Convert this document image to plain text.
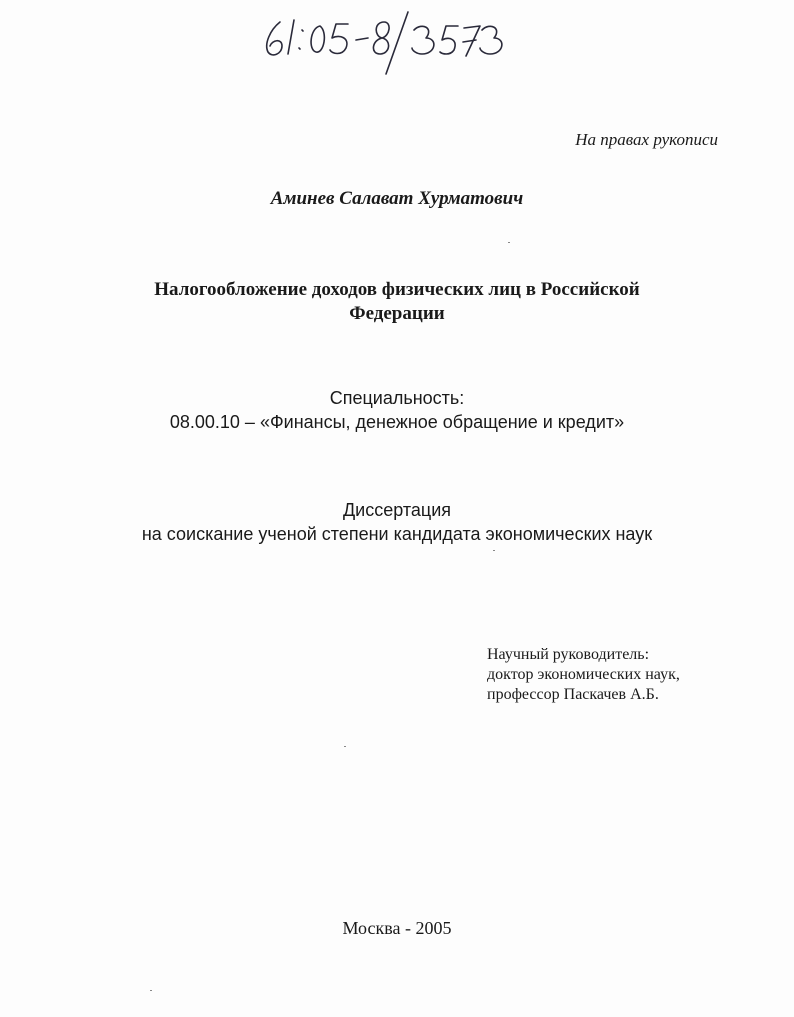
На правах рукописи
Аминев Салават Хурматович
Налогообложение доходов физических лиц в Российской
Федерации
Специальность:
08.00.10 – «Финансы, денежное обращение и кредит»
Диссертация
на соискание ученой степени кандидата экономических наук
Научный руководитель:
доктор экономических наук,
профессор Паскачев А.Б.
Москва - 2005
